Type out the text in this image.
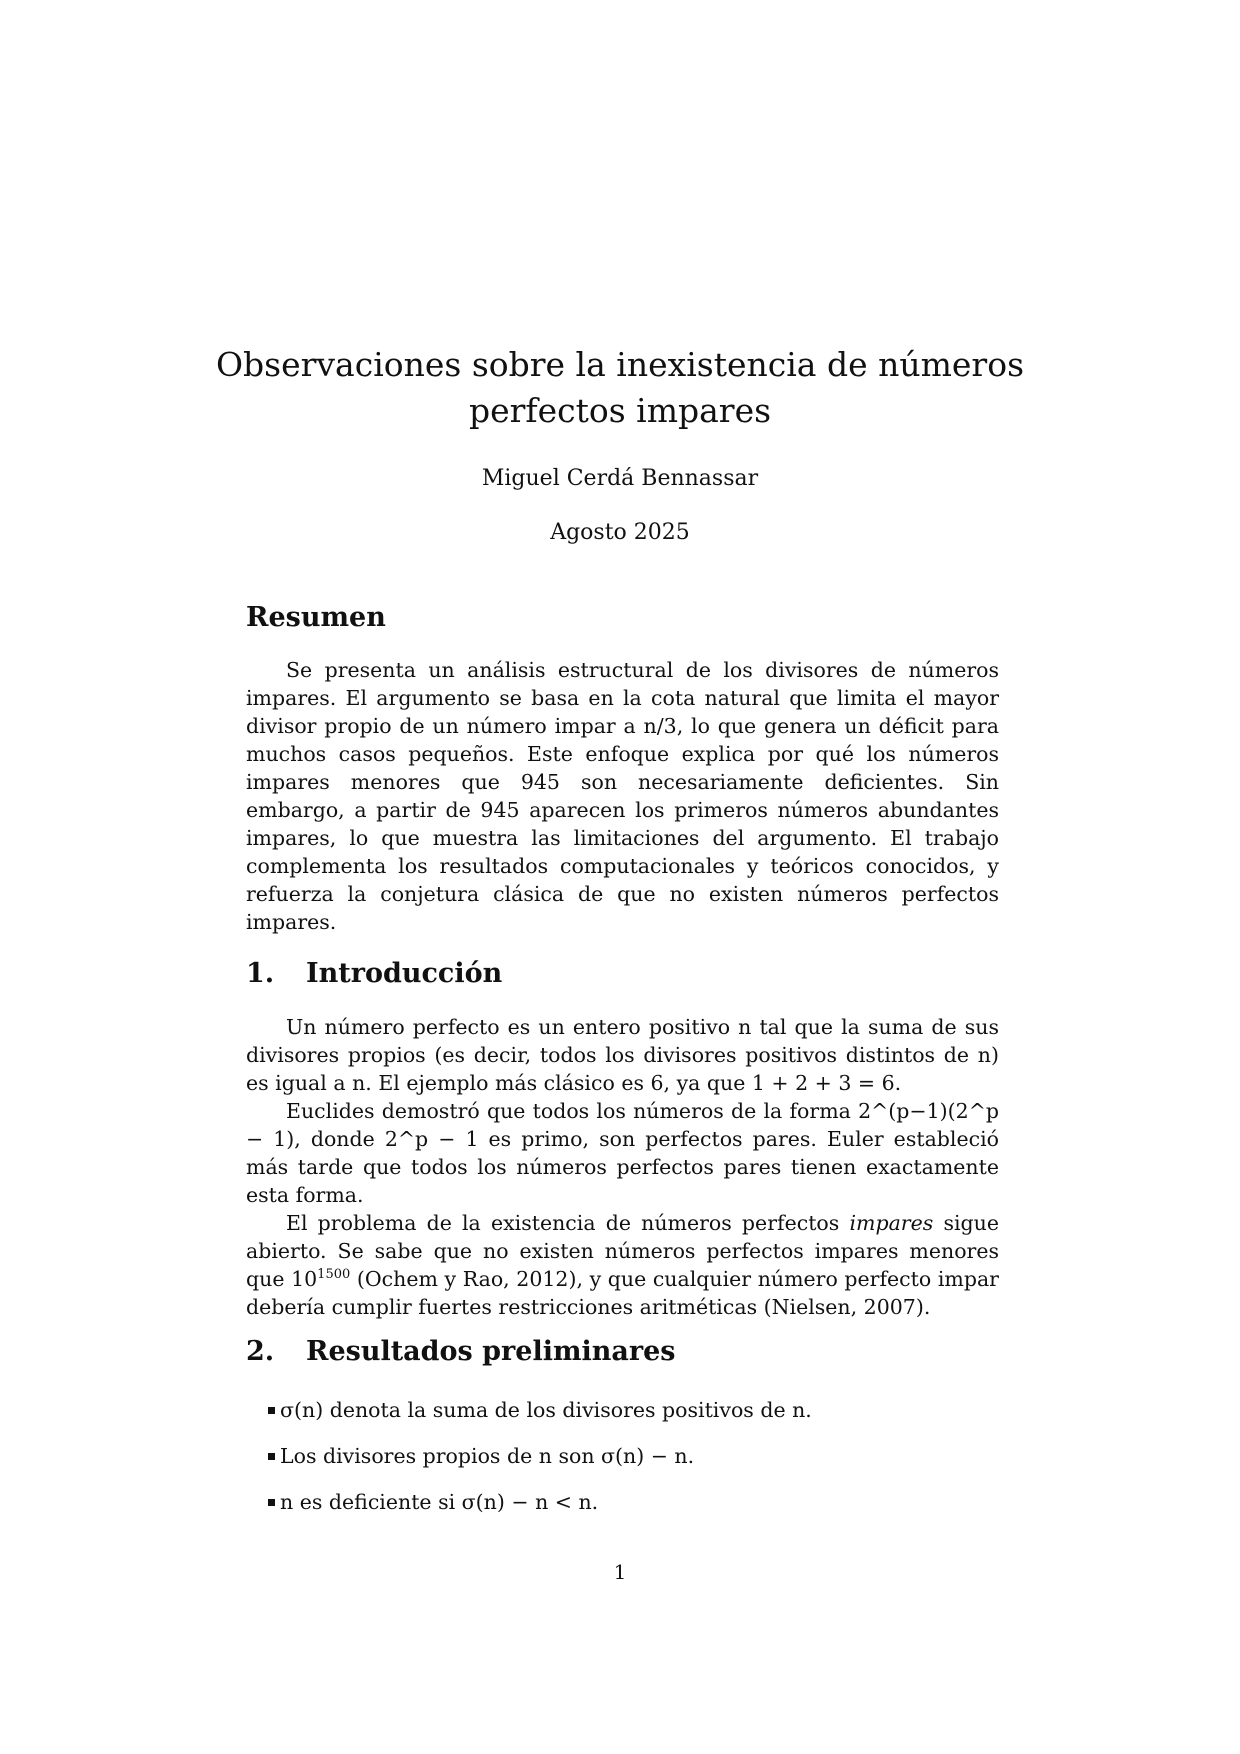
Observaciones sobre la inexistencia de números
perfectos impares
Miguel Cerdá Bennassar
Agosto 2025
Resumen

Se presenta un análisis estructural de los divisores de números impares. El argumento se basa en la cota natural que limita el mayor divisor propio de un número impar a n/3, lo que genera un déficit para muchos casos pequeños. Este enfoque explica por qué los números impares menores que 945 son necesariamente deficientes. Sin embargo, a partir de 945 aparecen los primeros números abundantes impares, lo que muestra las limitaciones del argumento. El trabajo complementa los resultados computacionales y teóricos conocidos, y refuerza la conjetura clásica de que no existen números perfectos impares.

1. Introducción

Un número perfecto es un entero positivo n tal que la suma de sus divisores propios (es decir, todos los divisores positivos distintos de n) es igual a n. El ejemplo más clásico es 6, ya que 1 + 2 + 3 = 6.

Euclides demostró que todos los números de la forma 2^(p−1)(2^p − 1), donde 2^p − 1 es primo, son perfectos pares. Euler estableció más tarde que todos los números perfectos pares tienen exactamente esta forma.

El problema de la existencia de números perfectos impares sigue abierto. Se sabe que no existen números perfectos impares menores que $10^{1500}$ (Ochem y Rao, 2012), y que cualquier número perfecto impar debería cumplir fuertes restricciones aritméticas (Nielsen, 2007).

2. Resultados preliminares
σ(n) denota la suma de los divisores positivos de n.
Los divisores propios de n son σ(n) − n.
n es deficiente si σ(n) − n < n.
1
